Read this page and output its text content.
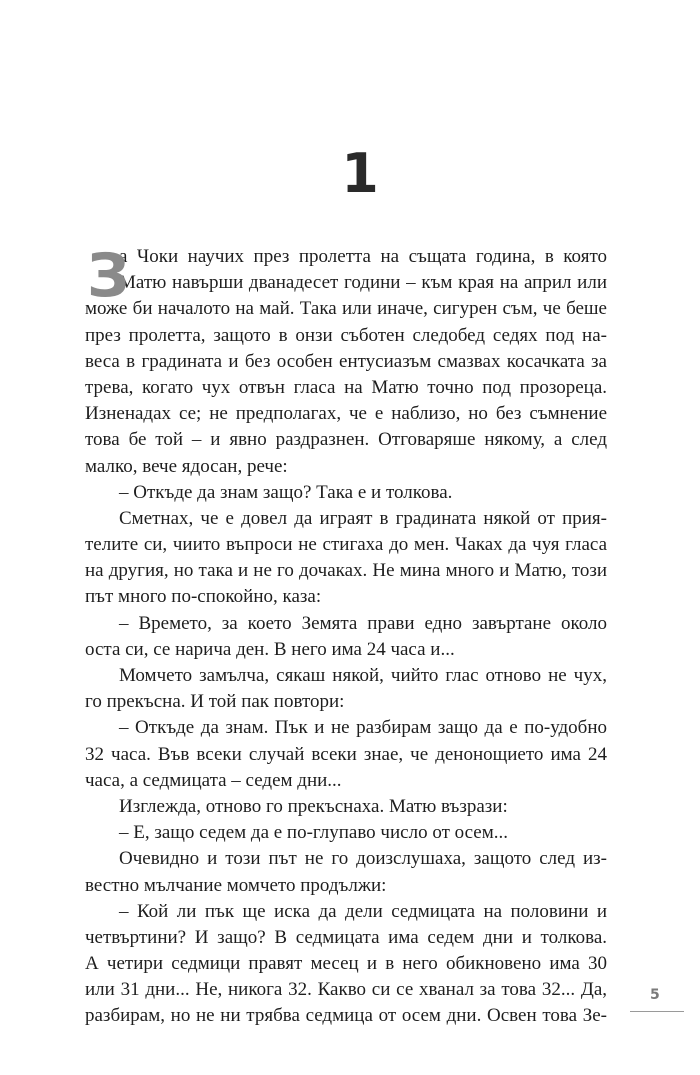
1
З
а Чоки научих през пролетта на същата година, в която
Матю навърши дванадесет години – към края на април или
може би началото на май. Така или иначе, сигурен съм, че беше
през пролетта, защото в онзи съботен следобед седях под на-
веса в градината и без особен ентусиазъм смазвах косачката за
трева, когато чух отвън гласа на Матю точно под прозореца.
Изненадах се; не предполагах, че е наблизо, но без съмнение
това бе той – и явно раздразнен. Отговаряше някому, а след
малко, вече ядосан, рече:
– Откъде да знам защо? Така е и толкова.
Сметнах, че е довел да играят в градината някой от прия-
телите си, чиито въпроси не стигаха до мен. Чаках да чуя гласа
на другия, но така и не го дочаках. Не мина много и Матю, този
път много по-спокойно, каза:
– Времето, за което Земята прави едно завъртане около
оста си, се нарича ден. В него има 24 часа и...
Момчето замълча, сякаш някой, чийто глас отново не чух,
го прекъсна. И той пак повтори:
– Откъде да знам. Пък и не разбирам защо да е по-удобно
32 часа. Във всеки случай всеки знае, че денонощието има 24
часа, а седмицата – седем дни...
Изглежда, отново го прекъснаха. Матю възрази:
– Е, защо седем да е по-глупаво число от осем...
Очевидно и този път не го доизслушаха, защото след из-
вестно мълчание момчето продължи:
– Кой ли пък ще иска да дели седмицата на половини и
четвъртини? И защо? В седмицата има седем дни и толкова.
А четири седмици правят месец и в него обикновено има 30
или 31 дни... Не, никога 32. Какво си се хванал за това 32... Да,
разбирам, но не ни трябва седмица от осем дни. Освен това Зе-
5
